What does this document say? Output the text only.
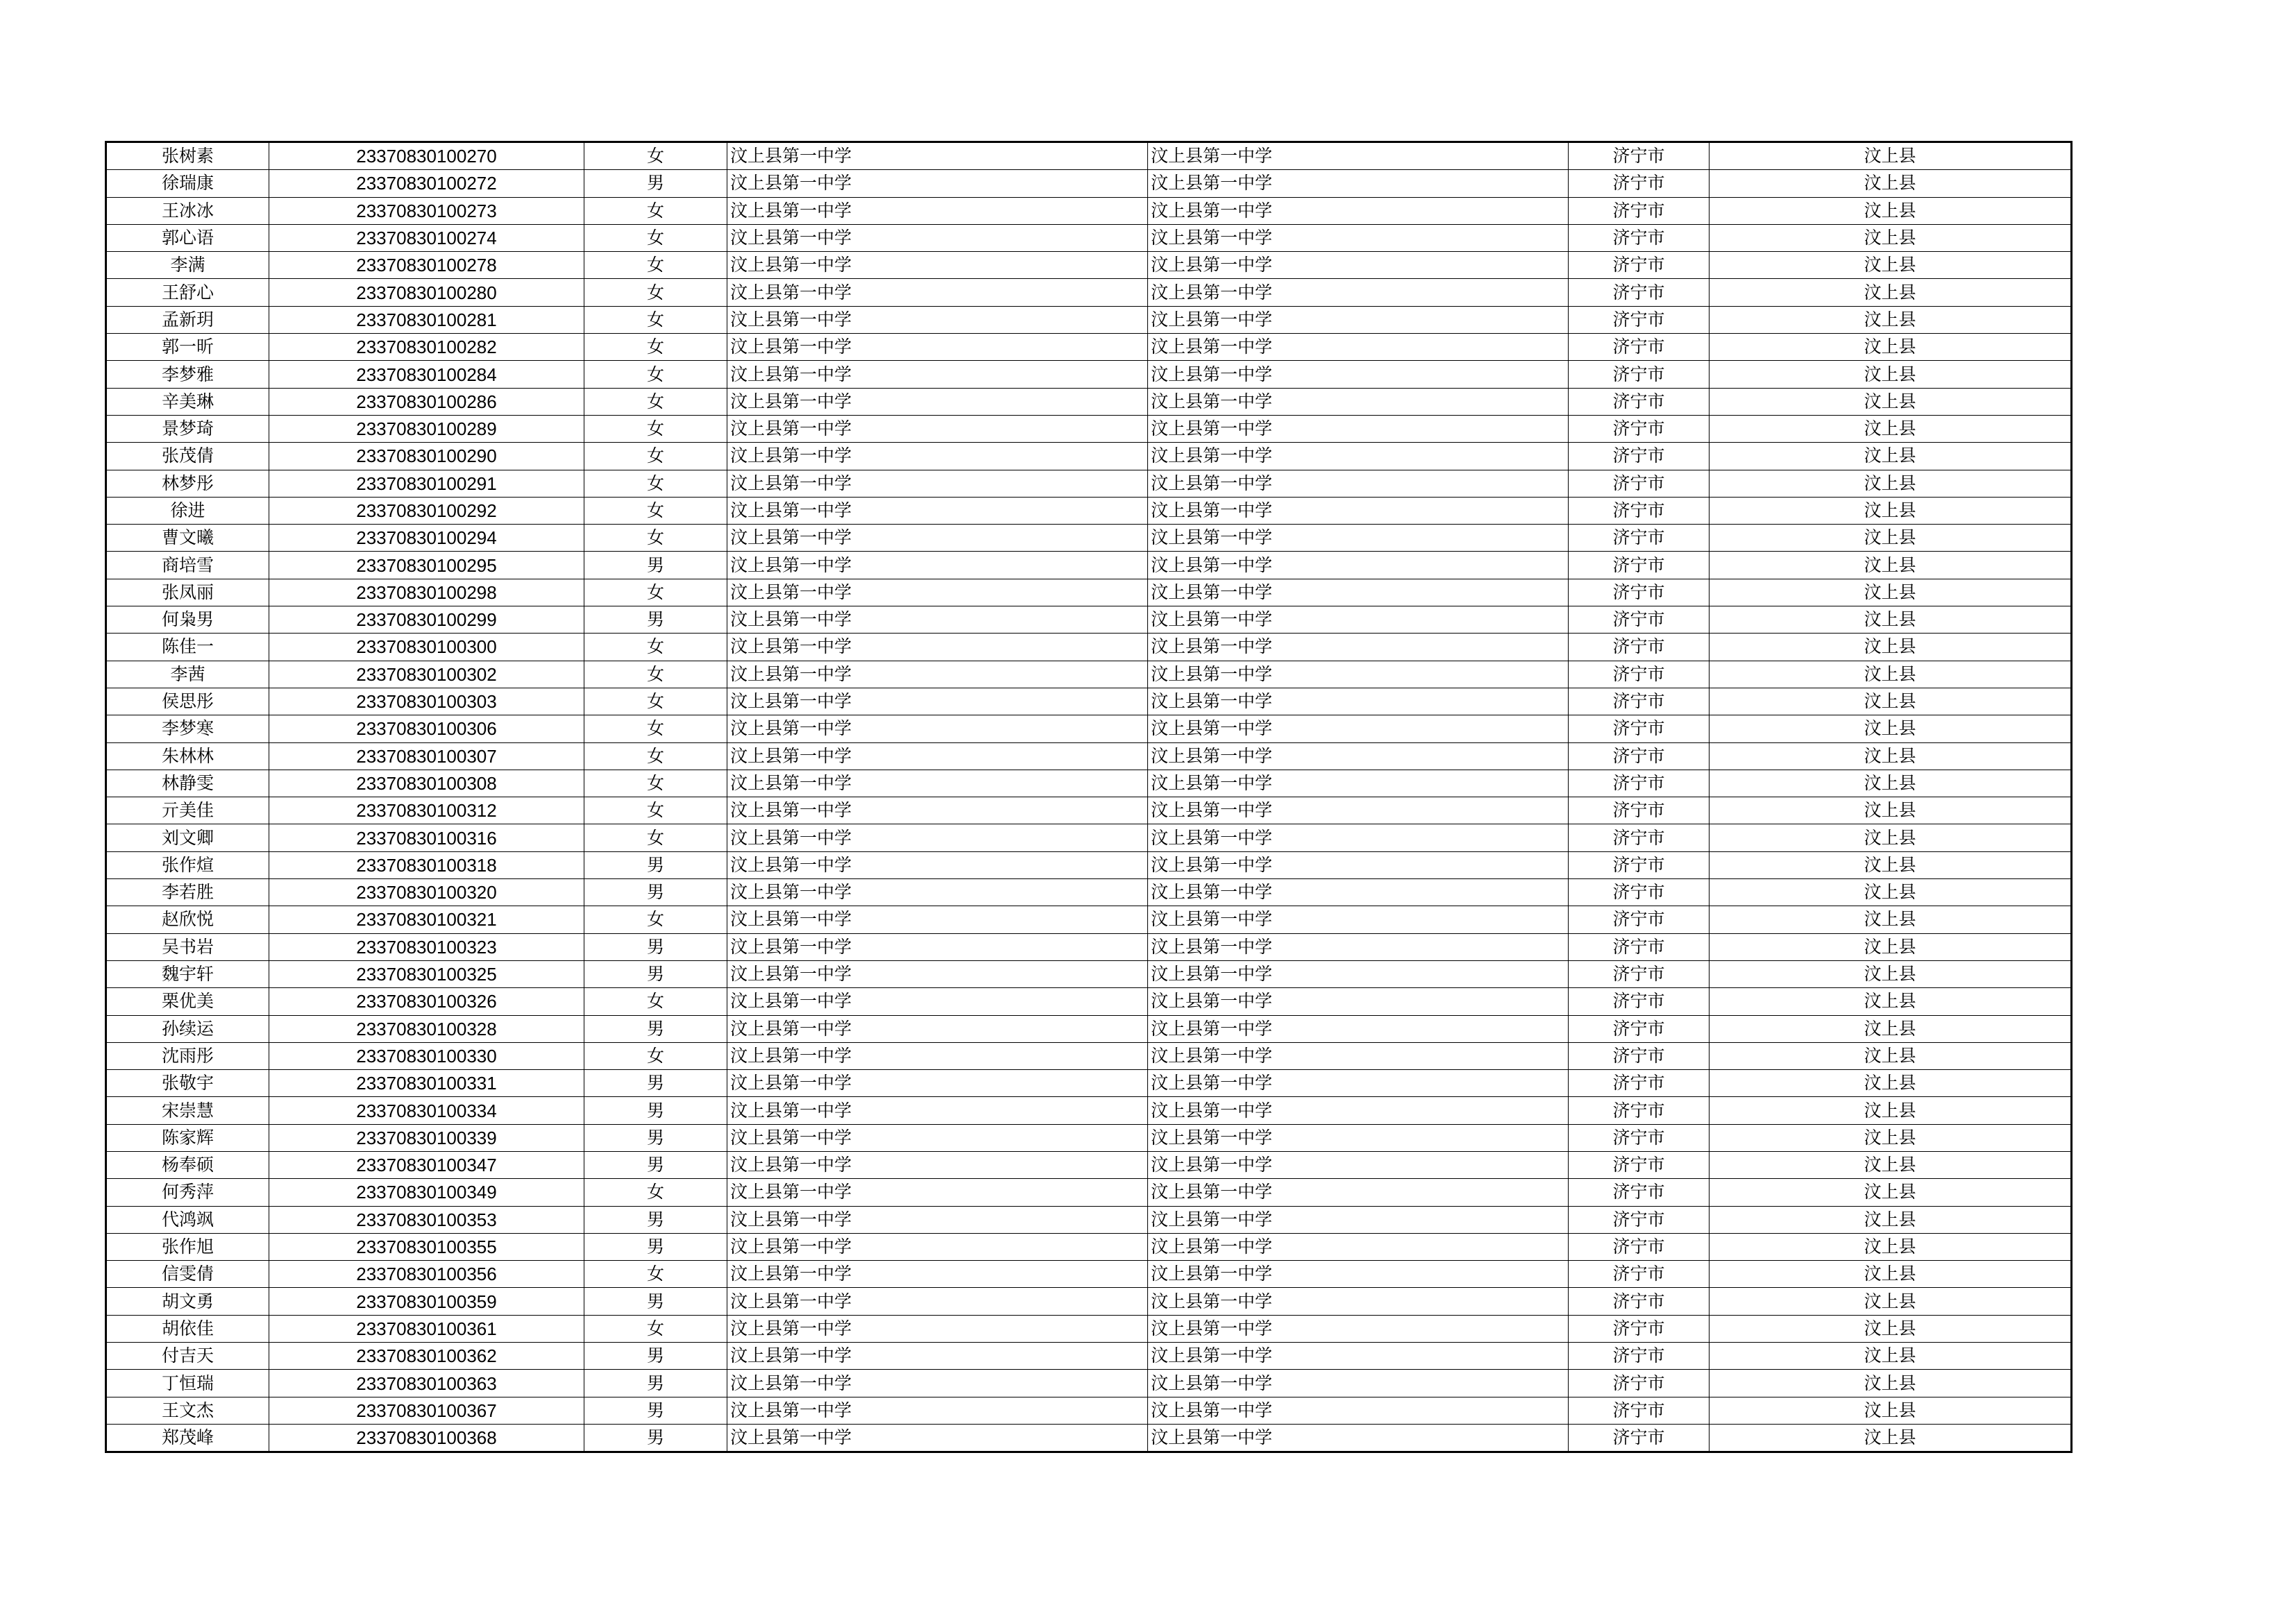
张树素	23370830100270	女	汶上县第一中学	汶上县第一中学	济宁市	汶上县
徐瑞康	23370830100272	男	汶上县第一中学	汶上县第一中学	济宁市	汶上县
王冰冰	23370830100273	女	汶上县第一中学	汶上县第一中学	济宁市	汶上县
郭心语	23370830100274	女	汶上县第一中学	汶上县第一中学	济宁市	汶上县
李满	23370830100278	女	汶上县第一中学	汶上县第一中学	济宁市	汶上县
王舒心	23370830100280	女	汶上县第一中学	汶上县第一中学	济宁市	汶上县
孟新玥	23370830100281	女	汶上县第一中学	汶上县第一中学	济宁市	汶上县
郭一昕	23370830100282	女	汶上县第一中学	汶上县第一中学	济宁市	汶上县
李梦雅	23370830100284	女	汶上县第一中学	汶上县第一中学	济宁市	汶上县
辛美琳	23370830100286	女	汶上县第一中学	汶上县第一中学	济宁市	汶上县
景梦琦	23370830100289	女	汶上县第一中学	汶上县第一中学	济宁市	汶上县
张茂倩	23370830100290	女	汶上县第一中学	汶上县第一中学	济宁市	汶上县
林梦彤	23370830100291	女	汶上县第一中学	汶上县第一中学	济宁市	汶上县
徐进	23370830100292	女	汶上县第一中学	汶上县第一中学	济宁市	汶上县
曹文曦	23370830100294	女	汶上县第一中学	汶上县第一中学	济宁市	汶上县
商培雪	23370830100295	男	汶上县第一中学	汶上县第一中学	济宁市	汶上县
张凤丽	23370830100298	女	汶上县第一中学	汶上县第一中学	济宁市	汶上县
何枭男	23370830100299	男	汶上县第一中学	汶上县第一中学	济宁市	汶上县
陈佳一	23370830100300	女	汶上县第一中学	汶上县第一中学	济宁市	汶上县
李茜	23370830100302	女	汶上县第一中学	汶上县第一中学	济宁市	汶上县
侯思彤	23370830100303	女	汶上县第一中学	汶上县第一中学	济宁市	汶上县
李梦寒	23370830100306	女	汶上县第一中学	汶上县第一中学	济宁市	汶上县
朱林林	23370830100307	女	汶上县第一中学	汶上县第一中学	济宁市	汶上县
林静雯	23370830100308	女	汶上县第一中学	汶上县第一中学	济宁市	汶上县
亓美佳	23370830100312	女	汶上县第一中学	汶上县第一中学	济宁市	汶上县
刘文卿	23370830100316	女	汶上县第一中学	汶上县第一中学	济宁市	汶上县
张作煊	23370830100318	男	汶上县第一中学	汶上县第一中学	济宁市	汶上县
李若胜	23370830100320	男	汶上县第一中学	汶上县第一中学	济宁市	汶上县
赵欣悦	23370830100321	女	汶上县第一中学	汶上县第一中学	济宁市	汶上县
吴书岩	23370830100323	男	汶上县第一中学	汶上县第一中学	济宁市	汶上县
魏宇轩	23370830100325	男	汶上县第一中学	汶上县第一中学	济宁市	汶上县
栗优美	23370830100326	女	汶上县第一中学	汶上县第一中学	济宁市	汶上县
孙续运	23370830100328	男	汶上县第一中学	汶上县第一中学	济宁市	汶上县
沈雨彤	23370830100330	女	汶上县第一中学	汶上县第一中学	济宁市	汶上县
张敬宇	23370830100331	男	汶上县第一中学	汶上县第一中学	济宁市	汶上县
宋崇慧	23370830100334	男	汶上县第一中学	汶上县第一中学	济宁市	汶上县
陈家辉	23370830100339	男	汶上县第一中学	汶上县第一中学	济宁市	汶上县
杨奉硕	23370830100347	男	汶上县第一中学	汶上县第一中学	济宁市	汶上县
何秀萍	23370830100349	女	汶上县第一中学	汶上县第一中学	济宁市	汶上县
代鸿飒	23370830100353	男	汶上县第一中学	汶上县第一中学	济宁市	汶上县
张作旭	23370830100355	男	汶上县第一中学	汶上县第一中学	济宁市	汶上县
信雯倩	23370830100356	女	汶上县第一中学	汶上县第一中学	济宁市	汶上县
胡文勇	23370830100359	男	汶上县第一中学	汶上县第一中学	济宁市	汶上县
胡依佳	23370830100361	女	汶上县第一中学	汶上县第一中学	济宁市	汶上县
付吉天	23370830100362	男	汶上县第一中学	汶上县第一中学	济宁市	汶上县
丁恒瑞	23370830100363	男	汶上县第一中学	汶上县第一中学	济宁市	汶上县
王文杰	23370830100367	男	汶上县第一中学	汶上县第一中学	济宁市	汶上县
郑茂峰	23370830100368	男	汶上县第一中学	汶上县第一中学	济宁市	汶上县
